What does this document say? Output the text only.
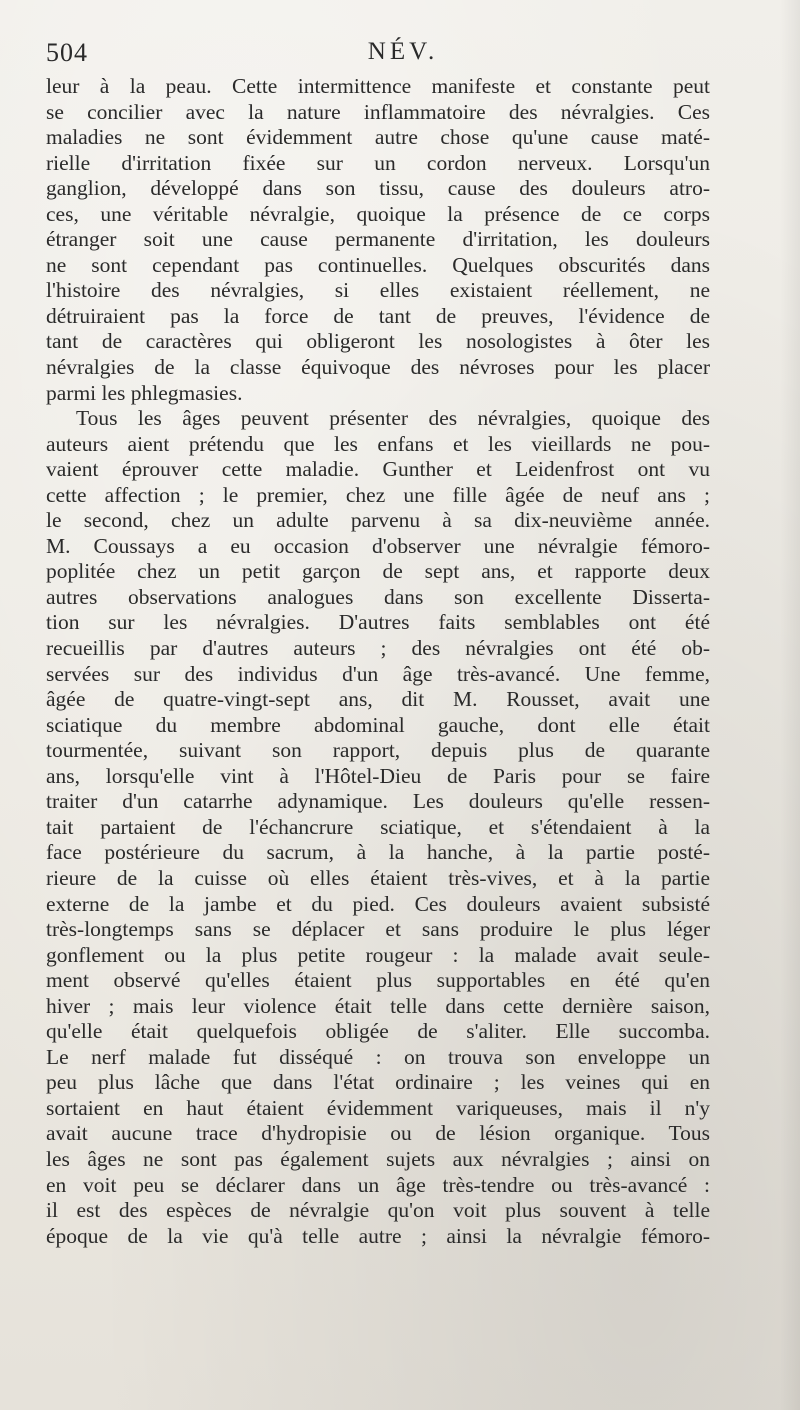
504	NÉV.
leur à la peau. Cette intermittence manifeste et constante peut
se concilier avec la nature inflammatoire des névralgies. Ces
maladies ne sont évidemment autre chose qu'une cause maté-
rielle d'irritation fixée sur un cordon nerveux. Lorsqu'un
ganglion, développé dans son tissu, cause des douleurs atro-
ces, une véritable névralgie, quoique la présence de ce corps
étranger soit une cause permanente d'irritation, les douleurs
ne sont cependant pas continuelles. Quelques obscurités dans
l'histoire des névralgies, si elles existaient réellement, ne
détruiraient pas la force de tant de preuves, l'évidence de
tant de caractères qui obligeront les nosologistes à ôter les
névralgies de la classe équivoque des névroses pour les placer
parmi les phlegmasies.
Tous les âges peuvent présenter des névralgies, quoique des
auteurs aient prétendu que les enfans et les vieillards ne pou-
vaient éprouver cette maladie. Gunther et Leidenfrost ont vu
cette affection ; le premier, chez une fille âgée de neuf ans ;
le second, chez un adulte parvenu à sa dix-neuvième année.
M. Coussays a eu occasion d'observer une névralgie fémoro-
poplitée chez un petit garçon de sept ans, et rapporte deux
autres observations analogues dans son excellente Disserta-
tion sur les névralgies. D'autres faits semblables ont été
recueillis par d'autres auteurs ; des névralgies ont été ob-
servées sur des individus d'un âge très-avancé. Une femme,
âgée de quatre-vingt-sept ans, dit M. Rousset, avait une
sciatique du membre abdominal gauche, dont elle était
tourmentée, suivant son rapport, depuis plus de quarante
ans, lorsqu'elle vint à l'Hôtel-Dieu de Paris pour se faire
traiter d'un catarrhe adynamique. Les douleurs qu'elle ressen-
tait partaient de l'échancrure sciatique, et s'étendaient à la
face postérieure du sacrum, à la hanche, à la partie posté-
rieure de la cuisse où elles étaient très-vives, et à la partie
externe de la jambe et du pied. Ces douleurs avaient subsisté
très-longtemps sans se déplacer et sans produire le plus léger
gonflement ou la plus petite rougeur : la malade avait seule-
ment observé qu'elles étaient plus supportables en été qu'en
hiver ; mais leur violence était telle dans cette dernière saison,
qu'elle était quelquefois obligée de s'aliter. Elle succomba.
Le nerf malade fut disséqué : on trouva son enveloppe un
peu plus lâche que dans l'état ordinaire ; les veines qui en
sortaient en haut étaient évidemment variqueuses, mais il n'y
avait aucune trace d'hydropisie ou de lésion organique. Tous
les âges ne sont pas également sujets aux névralgies ; ainsi on
en voit peu se déclarer dans un âge très-tendre ou très-avancé :
il est des espèces de névralgie qu'on voit plus souvent à telle
époque de la vie qu'à telle autre ; ainsi la névralgie fémoro-
